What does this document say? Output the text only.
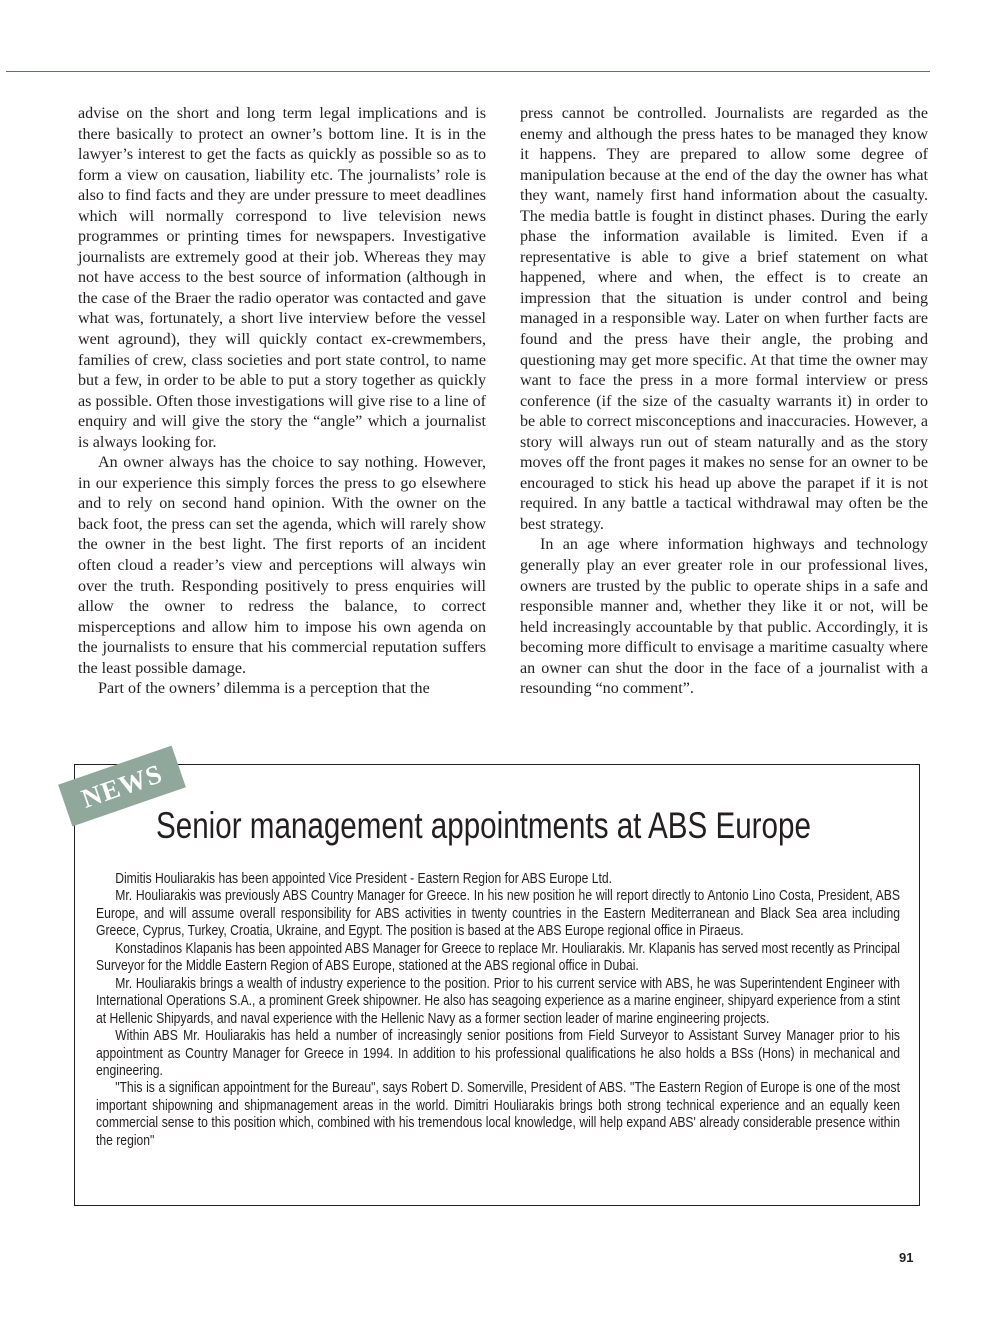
advise on the short and long term legal implications and is there basically to protect an owner’s bottom line. It is in the lawyer’s interest to get the facts as quickly as possible so as to form a view on causation, liability etc. The journalists’ role is also to find facts and they are under pressure to meet deadlines which will normally correspond to live television news programmes or printing times for newspapers. Investigative journalists are extremely good at their job. Whereas they may not have access to the best source of information (although in the case of the Braer the radio operator was contacted and gave what was, fortunately, a short live interview before the vessel went aground), they will quickly contact ex-crewmembers, families of crew, class societies and port state control, to name but a few, in order to be able to put a story together as quickly as possible. Often those investigations will give rise to a line of enquiry and will give the story the “angle” which a journalist is always looking for.

An owner always has the choice to say nothing. However, in our experience this simply forces the press to go elsewhere and to rely on second hand opinion. With the owner on the back foot, the press can set the agenda, which will rarely show the owner in the best light. The first reports of an incident often cloud a reader’s view and perceptions will always win over the truth. Responding positively to press enquiries will allow the owner to redress the balance, to correct misperceptions and allow him to impose his own agenda on the journalists to ensure that his commercial reputation suffers the least possible damage.

Part of the owners’ dilemma is a perception that the

press cannot be controlled. Journalists are regarded as the enemy and although the press hates to be managed they know it happens. They are prepared to allow some degree of manipulation because at the end of the day the owner has what they want, namely first hand information about the casualty. The media battle is fought in distinct phases. During the early phase the information available is limited. Even if a representative is able to give a brief statement on what happened, where and when, the effect is to create an impression that the situation is under control and being managed in a responsible way. Later on when further facts are found and the press have their angle, the probing and questioning may get more specific. At that time the owner may want to face the press in a more formal interview or press conference (if the size of the casualty warrants it) in order to be able to correct misconceptions and inaccuracies. However, a story will always run out of steam naturally and as the story moves off the front pages it makes no sense for an owner to be encouraged to stick his head up above the parapet if it is not required. In any battle a tactical withdrawal may often be the best strategy.

In an age where information highways and technology generally play an ever greater role in our professional lives, owners are trusted by the public to operate ships in a safe and responsible manner and, whether they like it or not, will be held increasingly accountable by that public. Accordingly, it is becoming more difficult to envisage a maritime casualty where an owner can shut the door in the face of a journalist with a resounding “no comment”.

NEWS
Senior management appointments at ABS Europe

Dimitis Houliarakis has been appointed Vice President - Eastern Region for ABS Europe Ltd.

Mr. Houliarakis was previously ABS Country Manager for Greece. In his new position he will report directly to Antonio Lino Costa, President, ABS Europe, and will assume overall responsibility for ABS activities in twenty countries in the Eastern Mediterranean and Black Sea area including Greece, Cyprus, Turkey, Croatia, Ukraine, and Egypt. The position is based at the ABS Europe regional office in Piraeus.

Konstadinos Klapanis has been appointed ABS Manager for Greece to replace Mr. Houliarakis. Mr. Klapanis has served most recently as Principal Surveyor for the Middle Eastern Region of ABS Europe, stationed at the ABS regional office in Dubai.

Mr. Houliarakis brings a wealth of industry experience to the position. Prior to his current service with ABS, he was Superintendent Engineer with International Operations S.A., a prominent Greek shipowner. He also has seagoing experience as a marine engineer, shipyard experience from a stint at Hellenic Shipyards, and naval experience with the Hellenic Navy as a former section leader of marine engineering projects.

Within ABS Mr. Houliarakis has held a number of increasingly senior positions from Field Surveyor to Assistant Survey Manager prior to his appointment as Country Manager for Greece in 1994. In addition to his professional qualifications he also holds a BSs (Hons) in mechanical and engineering.

"This is a significan appointment for the Bureau", says Robert D. Somerville, President of ABS. "The Eastern Region of Europe is one of the most important shipowning and shipmanagement areas in the world. Dimitri Houliarakis brings both strong technical experience and an equally keen commercial sense to this position which, combined with his tremendous local knowledge, will help expand ABS' already considerable presence within the region"

91
